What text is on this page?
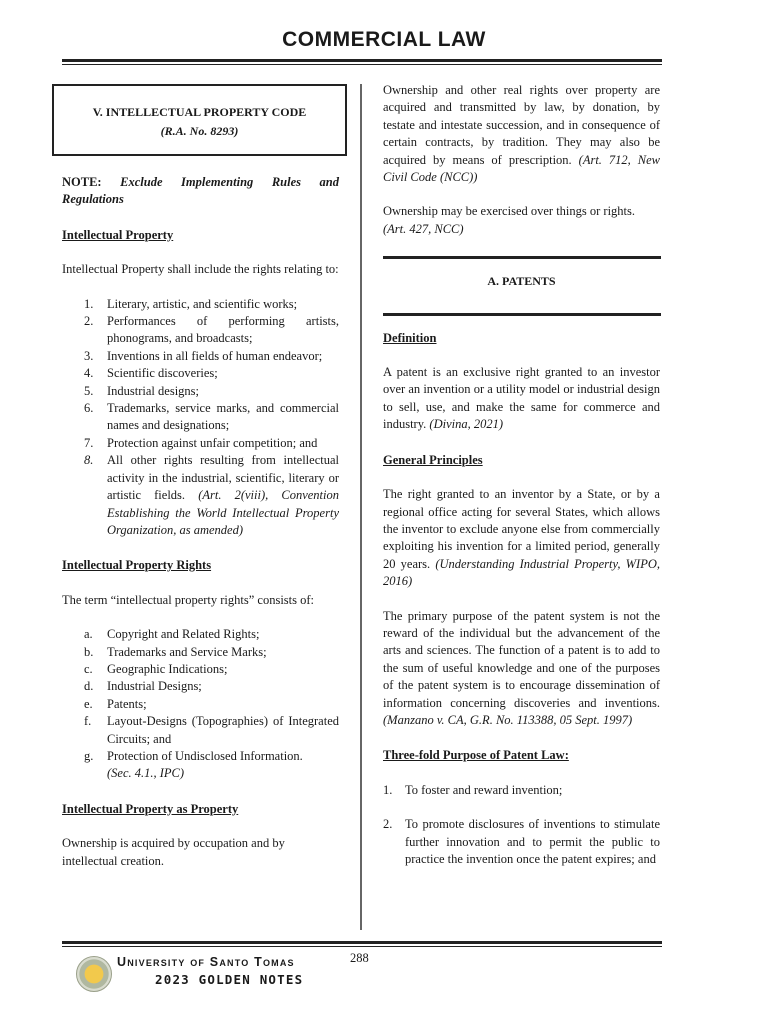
COMMERCIAL LAW
V. INTELLECTUAL PROPERTY CODE
(R.A. No. 8293)

NOTE: Exclude Implementing Rules and Regulations

Intellectual Property

Intellectual Property shall include the rights relating to:

1. Literary, artistic, and scientific works;
2. Performances of performing artists, phonograms, and broadcasts;
3. Inventions in all fields of human endeavor;
4. Scientific discoveries;
5. Industrial designs;
6. Trademarks, service marks, and commercial names and designations;
7. Protection against unfair competition; and
8. All other rights resulting from intellectual activity in the industrial, scientific, literary or artistic fields. (Art. 2(viii), Convention Establishing the World Intellectual Property Organization, as amended)
Intellectual Property Rights

The term “intellectual property rights” consists of:

a. Copyright and Related Rights;
b. Trademarks and Service Marks;
c. Geographic Indications;
d. Industrial Designs;
e. Patents;
f. Layout-Designs (Topographies) of Integrated Circuits; and
g. Protection of Undisclosed Information.
(Sec. 4.1., IPC)
Intellectual Property as Property

Ownership is acquired by occupation and by intellectual creation.

Ownership and other real rights over property are acquired and transmitted by law, by donation, by testate and intestate succession, and in consequence of certain contracts, by tradition. They may also be acquired by means of prescription. (Art. 712, New Civil Code (NCC))

Ownership may be exercised over things or rights. (Art. 427, NCC)

A. PATENTS
Definition

A patent is an exclusive right granted to an investor over an invention or a utility model or industrial design to sell, use, and make the same for commerce and industry. (Divina, 2021)

General Principles

The right granted to an inventor by a State, or by a regional office acting for several States, which allows the inventor to exclude anyone else from commercially exploiting his invention for a limited period, generally 20 years. (Understanding Industrial Property, WIPO, 2016)

The primary purpose of the patent system is not the reward of the individual but the advancement of the arts and sciences. The function of a patent is to add to the sum of useful knowledge and one of the purposes of the patent system is to encourage dissemination of information concerning discoveries and inventions. (Manzano v. CA, G.R. No. 113388, 05 Sept. 1997)

Three-fold Purpose of Patent Law:
1. To foster and reward invention;
2. To promote disclosures of inventions to stimulate further innovation and to permit the public to practice the invention once the patent expires; and
University of Santo Tomas
2023 GOLDEN NOTES
288
